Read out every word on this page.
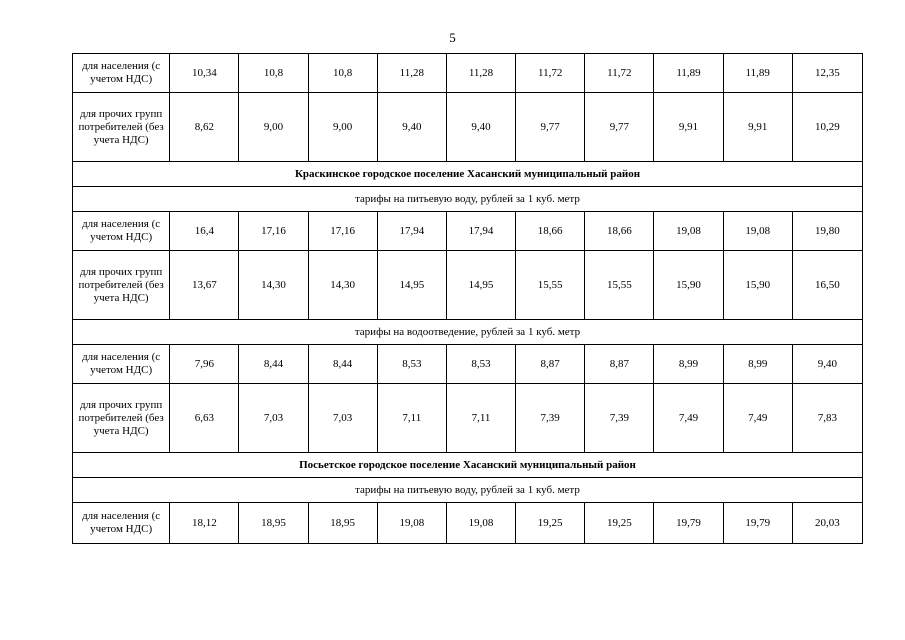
5
для населения (с учетом НДС)	10,34	10,8	10,8	11,28	11,28	11,72	11,72	11,89	11,89	12,35
для прочих групп потребителей (без учета НДС)	8,62	9,00	9,00	9,40	9,40	9,77	9,77	9,91	9,91	10,29
Краскинское городское поселение Хасанский муниципальный район										
тарифы на питьевую воду, рублей за 1 куб. метр										
для населения (с учетом НДС)	16,4	17,16	17,16	17,94	17,94	18,66	18,66	19,08	19,08	19,80
для прочих групп потребителей (без учета НДС)	13,67	14,30	14,30	14,95	14,95	15,55	15,55	15,90	15,90	16,50
тарифы на водоотведение, рублей за 1 куб. метр										
для населения (с учетом НДС)	7,96	8,44	8,44	8,53	8,53	8,87	8,87	8,99	8,99	9,40
для прочих групп потребителей (без учета НДС)	6,63	7,03	7,03	7,11	7,11	7,39	7,39	7,49	7,49	7,83
Посьетское городское поселение Хасанский муниципальный район										
тарифы на питьевую воду, рублей за 1 куб. метр										
для населения (с учетом НДС)	18,12	18,95	18,95	19,08	19,08	19,25	19,25	19,79	19,79	20,03
